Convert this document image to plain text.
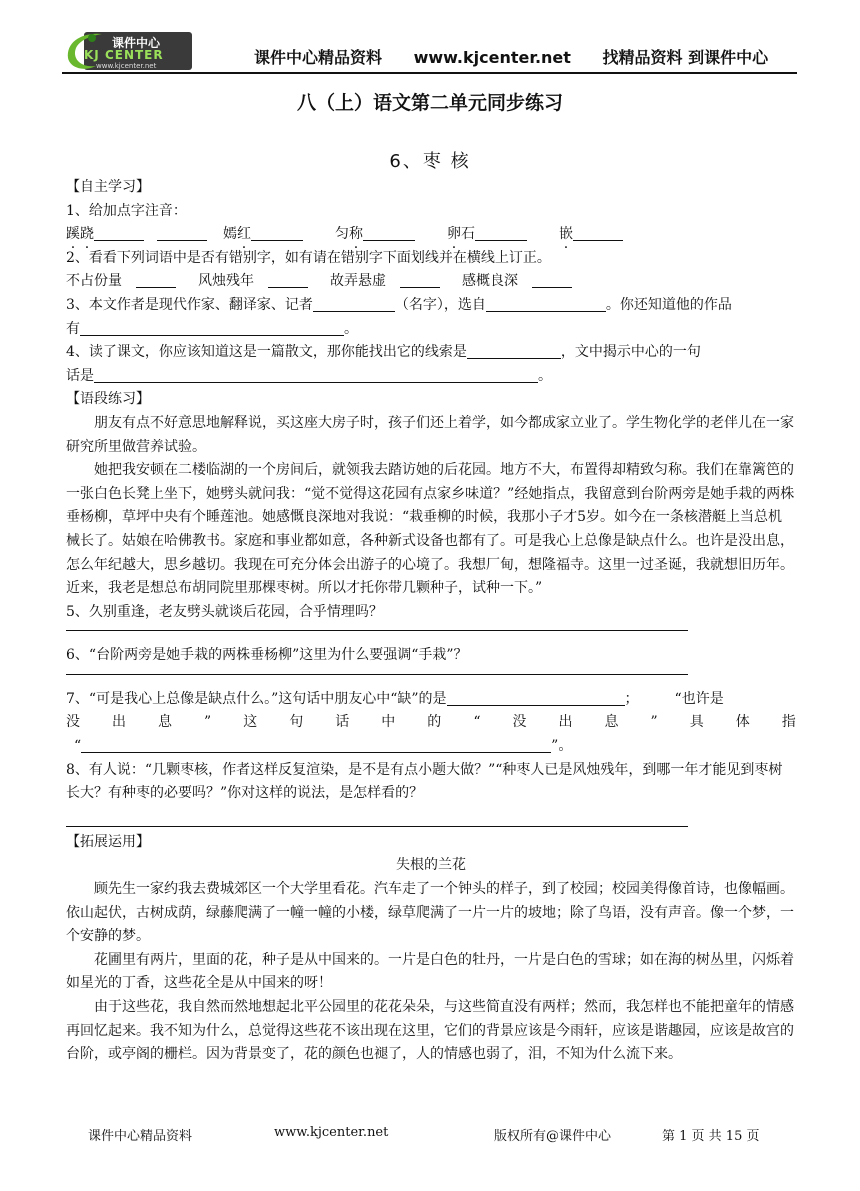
课件中心
KJ CENTER
www.kjcenter.net	课件中心精品资料 www.kjcenter.net 找精品资料 到课件中心
八（上）语文第二单元同步练习
6、枣 核
【自主学习】
1、给加点字注音：
蹊跷	嫣红	匀称	卵石	嵌
2、看看下列词语中是否有错别字，如有请在错别字下面划线并在横线上订正。
不占份量	风烛残年	故弄悬虚	感概良深
3、本文作者是现代作家、翻译家、记者	（名字），选自	。你还知道他的作品
有	。
4、读了课文，你应该知道这是一篇散文，那你能找出它的线索是	，文中揭示中心的一句
话是	。
【语段练习】
朋友有点不好意思地解释说，买这座大房子时，孩子们还上着学，如今都成家立业了。学生物化学的老伴儿在一家研究所里做营养试验。
她把我安顿在二楼临湖的一个房间后，就领我去踏访她的后花园。地方不大，布置得却精致匀称。我们在靠篱笆的一张白色长凳上坐下，她劈头就问我：“觉不觉得这花园有点家乡味道？”经她指点，我留意到台阶两旁是她手栽的两株垂杨柳，草坪中央有个睡莲池。她感慨良深地对我说：“栽垂柳的时候，我那小子才5岁。如今在一条核潜艇上当总机械长了。姑娘在哈佛教书。家庭和事业都如意，各种新式设备也都有了。可是我心上总像是缺点什么。也许是没出息，怎么年纪越大，思乡越切。我现在可充分体会出游子的心境了。我想厂甸，想隆福寺。这里一过圣诞，我就想旧历年。近来，我老是想总布胡同院里那棵枣树。所以才托你带几颗种子，试种一下。”
5、久别重逢，老友劈头就谈后花园，合乎情理吗？
6、“台阶两旁是她手栽的两株垂杨柳”这里为什么要强调“手栽”？
7、“可是我心上总像是缺点什么。”这句话中朋友心中“缺”的是	；	“也许是
没 出 息 ” 这 句 话 中 的 “ 没 出 息 ” 具 体 指
“	”。
8、有人说：“几颗枣核，作者这样反复渲染，是不是有点小题大做？”“种枣人已是风烛残年，到哪一年才能见到枣树长大？有种枣的必要吗？”你对这样的说法，是怎样看的？
【拓展运用】
失根的兰花
顾先生一家约我去费城郊区一个大学里看花。汽车走了一个钟头的样子，到了校园；校园美得像首诗，也像幅画。依山起伏，古树成荫，绿藤爬满了一幢一幢的小楼，绿草爬满了一片一片的坡地；除了鸟语，没有声音。像一个梦，一个安静的梦。
花圃里有两片，里面的花，种子是从中国来的。一片是白色的牡丹，一片是白色的雪球；如在海的树丛里，闪烁着如星光的丁香，这些花全是从中国来的呀！
由于这些花，我自然而然地想起北平公园里的花花朵朵，与这些简直没有两样；然而，我怎样也不能把童年的情感再回忆起来。我不知为什么，总觉得这些花不该出现在这里，它们的背景应该是今雨轩，应该是谐趣园，应该是故宫的台阶，或亭阁的栅栏。因为背景变了，花的颜色也褪了，人的情感也弱了，泪，不知为什么流下来。
课件中心精品资料	www.kjcenter.net	版权所有@课件中心	第 1 页 共 15 页
